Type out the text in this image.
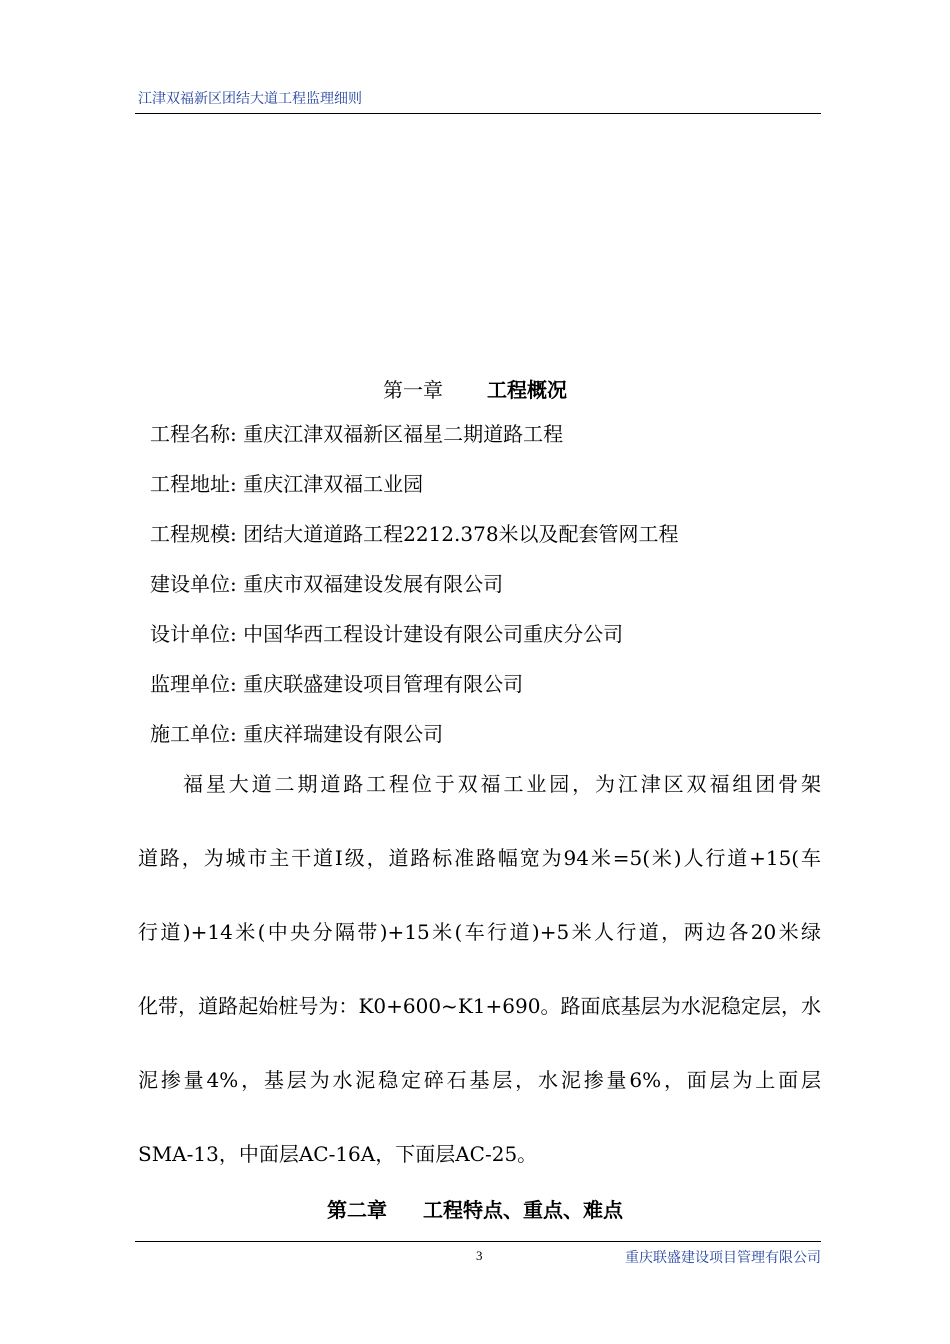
江津双福新区团结大道工程监理细则
第一章 工程概况
工程名称: 重庆江津双福新区福星二期道路工程
工程地址: 重庆江津双福工业园
工程规模: 团结大道道路工程2212.378米以及配套管网工程
建设单位: 重庆市双福建设发展有限公司
设计单位: 中国华西工程设计建设有限公司重庆分公司
监理单位: 重庆联盛建设项目管理有限公司
施工单位: 重庆祥瑞建设有限公司
福星大道二期道路工程位于双福工业园，为江津区双福组团骨架
道路，为城市主干道Ⅰ级，道路标准路幅宽为94米=5(米)人行道+15(车
行道)+14米(中央分隔带)+15米(车行道)+5米人行道，两边各20米绿
化带，道路起始桩号为：K0+600~K1+690。路面底基层为水泥稳定层，水
泥掺量4%，基层为水泥稳定碎石基层，水泥掺量6%，面层为上面层
SMA-13，中面层AC-16A，下面层AC-25。
第二章 工程特点、重点、难点
3	重庆联盛建设项目管理有限公司
